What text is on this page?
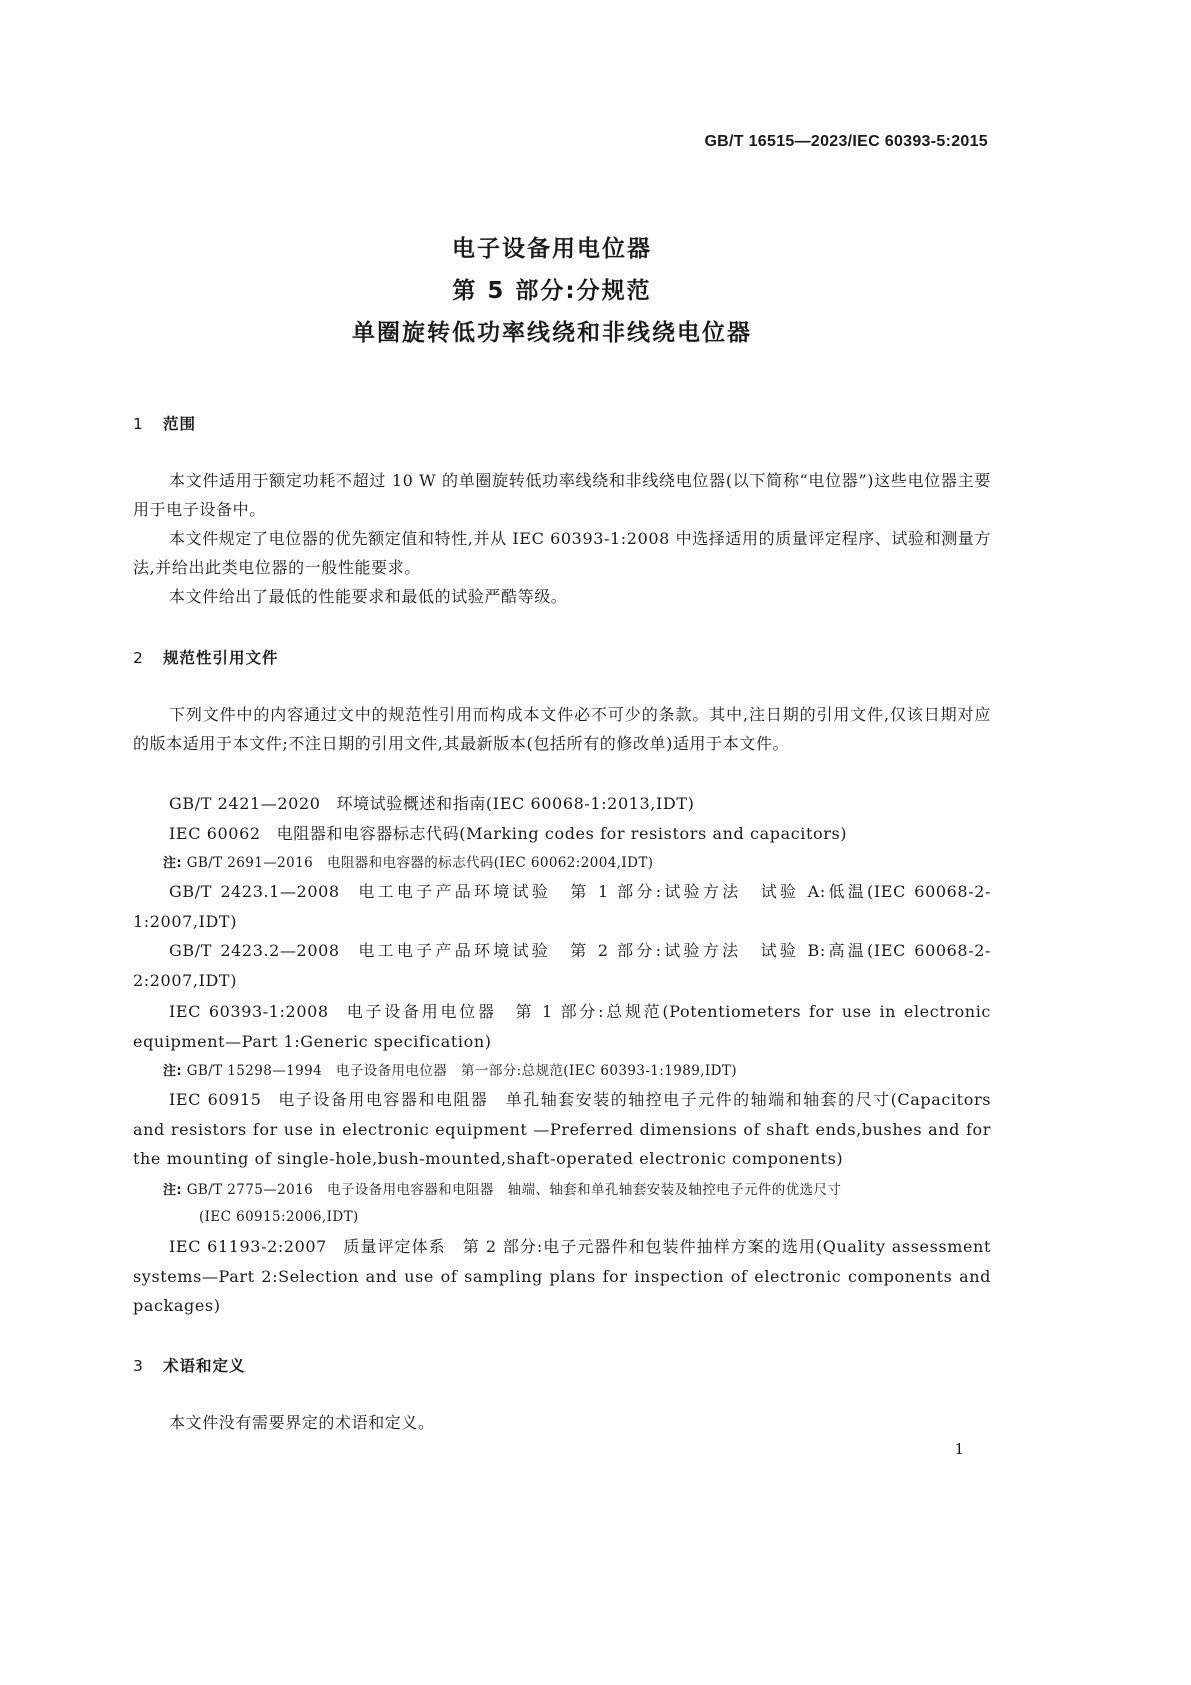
GB/T 16515—2023/IEC 60393-5:2015
电子设备用电位器
第 5 部分:分规范
单圈旋转低功率线绕和非线绕电位器
1 范围

本文件适用于额定功耗不超过 10 W 的单圈旋转低功率线绕和非线绕电位器(以下简称“电位器”)这些电位器主要用于电子设备中。

本文件规定了电位器的优先额定值和特性,并从 IEC 60393-1:2008 中选择适用的质量评定程序、试验和测量方法,并给出此类电位器的一般性能要求。

本文件给出了最低的性能要求和最低的试验严酷等级。

2 规范性引用文件

下列文件中的内容通过文中的规范性引用而构成本文件必不可少的条款。其中,注日期的引用文件,仅该日期对应的版本适用于本文件;不注日期的引用文件,其最新版本(包括所有的修改单)适用于本文件。

GB/T 2421—2020 环境试验概述和指南(IEC 60068-1:2013,IDT)

IEC 60062 电阻器和电容器标志代码(Marking codes for resistors and capacitors)

注: GB/T 2691—2016　电阻器和电容器的标志代码(IEC 60062:2004,IDT)

GB/T 2423.1—2008 电工电子产品环境试验　第 1 部分:试验方法　试验 A:低温(IEC 60068-2-1:2007,IDT)

GB/T 2423.2—2008 电工电子产品环境试验　第 2 部分:试验方法　试验 B:高温(IEC 60068-2-2:2007,IDT)

IEC 60393-1:2008 电子设备用电位器　第 1 部分:总规范(Potentiometers for use in electronic equipment—Part 1:Generic specification)

注: GB/T 15298—1994　电子设备用电位器　第一部分:总规范(IEC 60393-1:1989,IDT)

IEC 60915 电子设备用电容器和电阻器　单孔轴套安装的轴控电子元件的轴端和轴套的尺寸(Capacitors and resistors for use in electronic equipment —Preferred dimensions of shaft ends,bushes and for the mounting of single-hole,bush-mounted,shaft-operated electronic components)

注: GB/T 2775—2016　电子设备用电容器和电阻器　轴端、轴套和单孔轴套安装及轴控电子元件的优选尺寸
(IEC 60915:2006,IDT)

IEC 61193-2:2007 质量评定体系　第 2 部分:电子元器件和包装件抽样方案的选用(Quality assessment systems—Part 2:Selection and use of sampling plans for inspection of electronic components and packages)

3 术语和定义

本文件没有需要界定的术语和定义。

1
